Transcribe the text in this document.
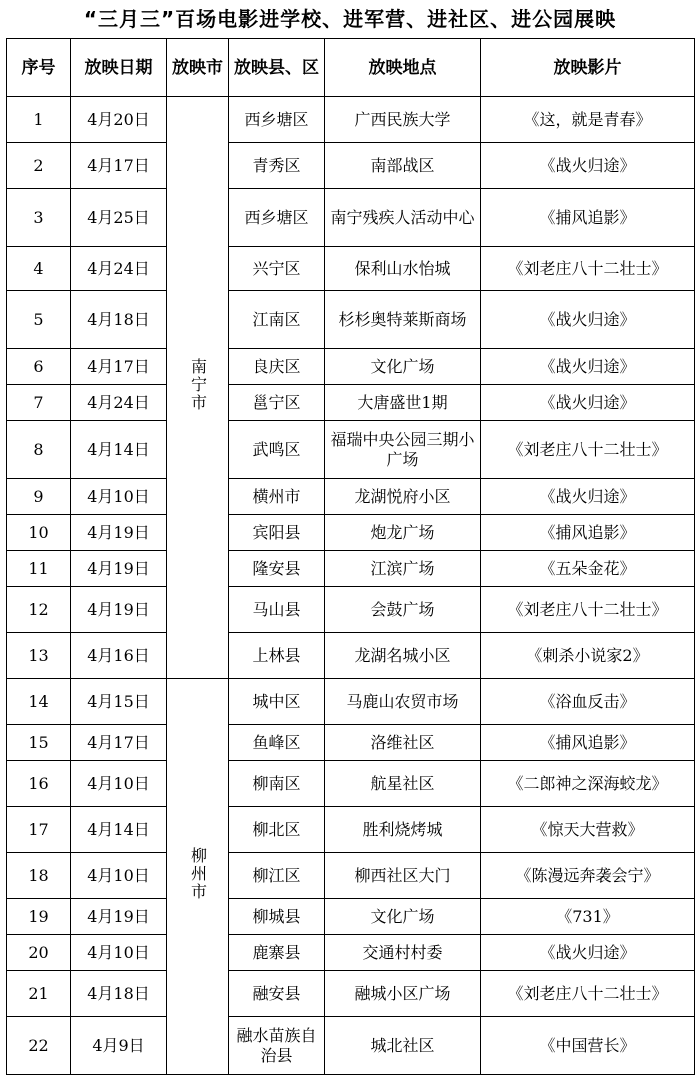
“三月三”百场电影进学校、进军营、进社区、进公园展映
序号	放映日期	放映市	放映县、区	放映地点	放映影片
1	4月20日	南宁市	西乡塘区	广西民族大学	《这，就是青春》
2	4月17日		青秀区	南部战区	《战火归途》
3	4月25日		西乡塘区	南宁残疾人活动中心	《捕风追影》
4	4月24日		兴宁区	保利山水怡城	《刘老庄八十二壮士》
5	4月18日		江南区	杉杉奥特莱斯商场	《战火归途》
6	4月17日		良庆区	文化广场	《战火归途》
7	4月24日		邕宁区	大唐盛世1期	《战火归途》
8	4月14日		武鸣区	福瑞中央公园三期小广场	《刘老庄八十二壮士》
9	4月10日		横州市	龙湖悦府小区	《战火归途》
10	4月19日		宾阳县	炮龙广场	《捕风追影》
11	4月19日		隆安县	江滨广场	《五朵金花》
12	4月19日		马山县	会鼓广场	《刘老庄八十二壮士》
13	4月16日		上林县	龙湖名城小区	《刺杀小说家2》
14	4月15日	柳州市	城中区	马鹿山农贸市场	《浴血反击》
15	4月17日		鱼峰区	洛维社区	《捕风追影》
16	4月10日		柳南区	航星社区	《二郎神之深海蛟龙》
17	4月14日		柳北区	胜利烧烤城	《惊天大营救》
18	4月10日		柳江区	柳西社区大门	《陈漫远奔袭会宁》
19	4月19日		柳城县	文化广场	《731》
20	4月10日		鹿寨县	交通村村委	《战火归途》
21	4月18日		融安县	融城小区广场	《刘老庄八十二壮士》
22	4月9日		融水苗族自治县	城北社区	《中国营长》
